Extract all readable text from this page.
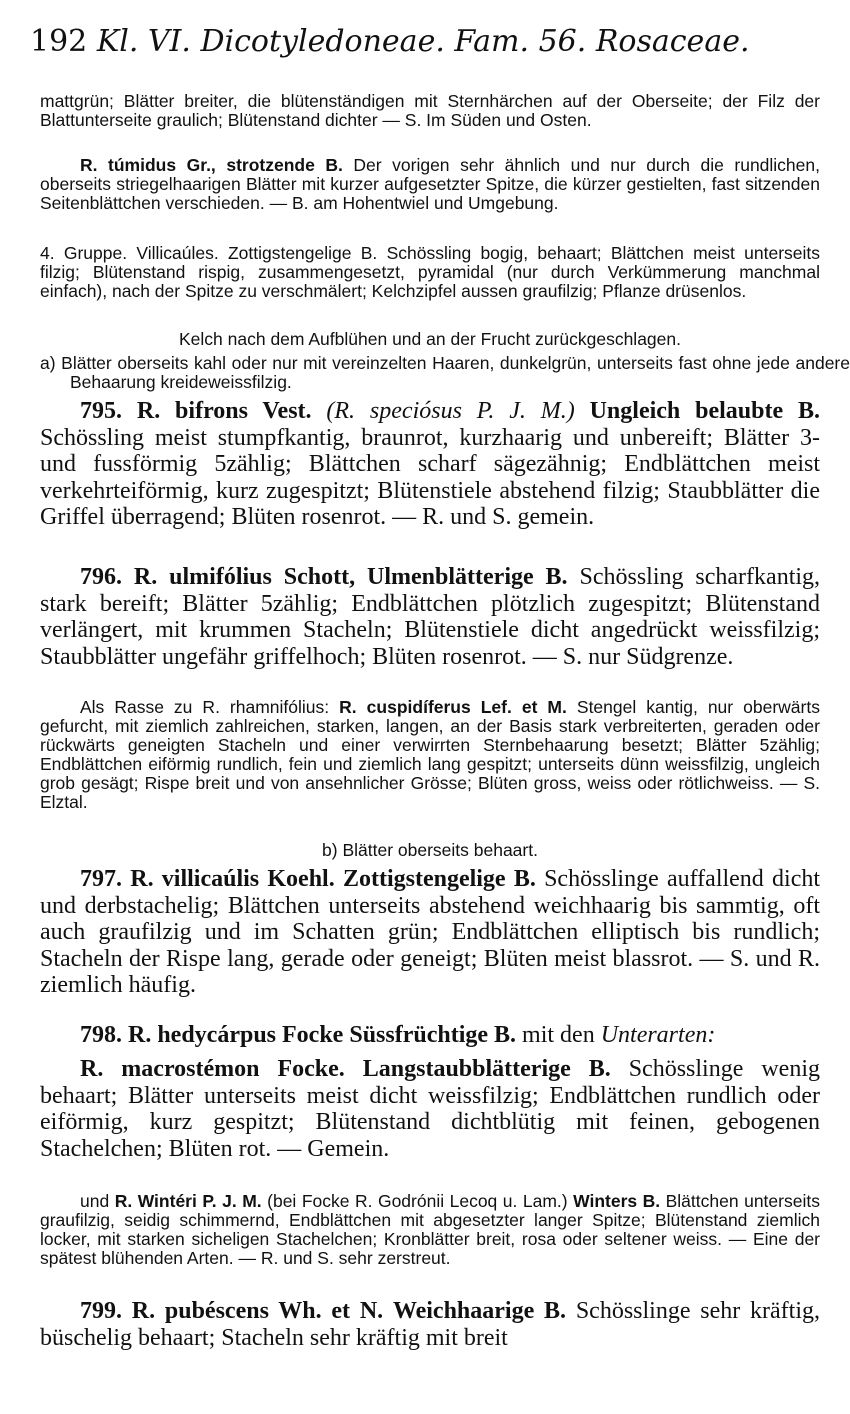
192 Kl. VI. Dicotyledoneae. Fam. 56. Rosaceae.

mattgrün; Blätter breiter, die blütenständigen mit Sternhärchen auf der Oberseite; der Filz der Blattunterseite graulich; Blütenstand dichter — S. Im Süden und Osten.

R. túmidus Gr., strotzende B. Der vorigen sehr ähnlich und nur durch die rundlichen, oberseits striegelhaarigen Blätter mit kurzer aufgesetzter Spitze, die kürzer gestielten, fast sitzenden Seitenblättchen verschieden. — B. am Hohentwiel und Umgebung.

4. Gruppe. Villicaúles. Zottigstengelige B. Schössling bogig, behaart; Blättchen meist unterseits filzig; Blütenstand rispig, zusammengesetzt, pyramidal (nur durch Verkümmerung manchmal einfach), nach der Spitze zu verschmälert; Kelchzipfel aussen graufilzig; Pflanze drüsenlos.

Kelch nach dem Aufblühen und an der Frucht zurückgeschlagen.

a) Blätter oberseits kahl oder nur mit vereinzelten Haaren, dunkelgrün, unterseits fast ohne jede andere Behaarung kreideweissfilzig.

795. R. bifrons Vest. (R. speciósus P. J. M.) Ungleich belaubte B. Schössling meist stumpfkantig, braunrot, kurzhaarig und unbereift; Blätter 3- und fussförmig 5zählig; Blättchen scharf sägezähnig; Endblättchen meist verkehrteiförmig, kurz zugespitzt; Blütenstiele abstehend filzig; Staubblätter die Griffel überragend; Blüten rosenrot. — R. und S. gemein.

796. R. ulmifólius Schott, Ulmenblätterige B. Schössling scharfkantig, stark bereift; Blätter 5zählig; Endblättchen plötzlich zugespitzt; Blütenstand verlängert, mit krummen Stacheln; Blütenstiele dicht angedrückt weissfilzig; Staubblätter ungefähr griffelhoch; Blüten rosenrot. — S. nur Südgrenze.

Als Rasse zu R. rhamnifólius: R. cuspidíferus Lef. et M. Stengel kantig, nur oberwärts gefurcht, mit ziemlich zahlreichen, starken, langen, an der Basis stark verbreiterten, geraden oder rückwärts geneigten Stacheln und einer verwirrten Sternbehaarung besetzt; Blätter 5zählig; Endblättchen eiförmig rundlich, fein und ziemlich lang gespitzt; unterseits dünn weissfilzig, ungleich grob gesägt; Rispe breit und von ansehnlicher Grösse; Blüten gross, weiss oder rötlichweiss. — S. Elztal.

b) Blätter oberseits behaart.

797. R. villicaúlis Koehl. Zottigstengelige B. Schösslinge auffallend dicht und derbstachelig; Blättchen unterseits abstehend weichhaarig bis sammtig, oft auch graufilzig und im Schatten grün; Endblättchen elliptisch bis rundlich; Stacheln der Rispe lang, gerade oder geneigt; Blüten meist blassrot. — S. und R. ziemlich häufig.

798. R. hedycárpus Focke Süssfrüchtige B. mit den Unterarten:

R. macrostémon Focke. Langstaubblätterige B. Schösslinge wenig behaart; Blätter unterseits meist dicht weissfilzig; Endblättchen rundlich oder eiförmig, kurz gespitzt; Blütenstand dichtblütig mit feinen, gebogenen Stachelchen; Blüten rot. — Gemein.

und R. Wintéri P. J. M. (bei Focke R. Godrónii Lecoq u. Lam.) Winters B. Blättchen unterseits graufilzig, seidig schimmernd, Endblättchen mit abgesetzter langer Spitze; Blütenstand ziemlich locker, mit starken sicheligen Stachelchen; Kronblätter breit, rosa oder seltener weiss. — Eine der spätest blühenden Arten. — R. und S. sehr zerstreut.

799. R. pubéscens Wh. et N. Weichhaarige B. Schösslinge sehr kräftig, büschelig behaart; Stacheln sehr kräftig mit breit
